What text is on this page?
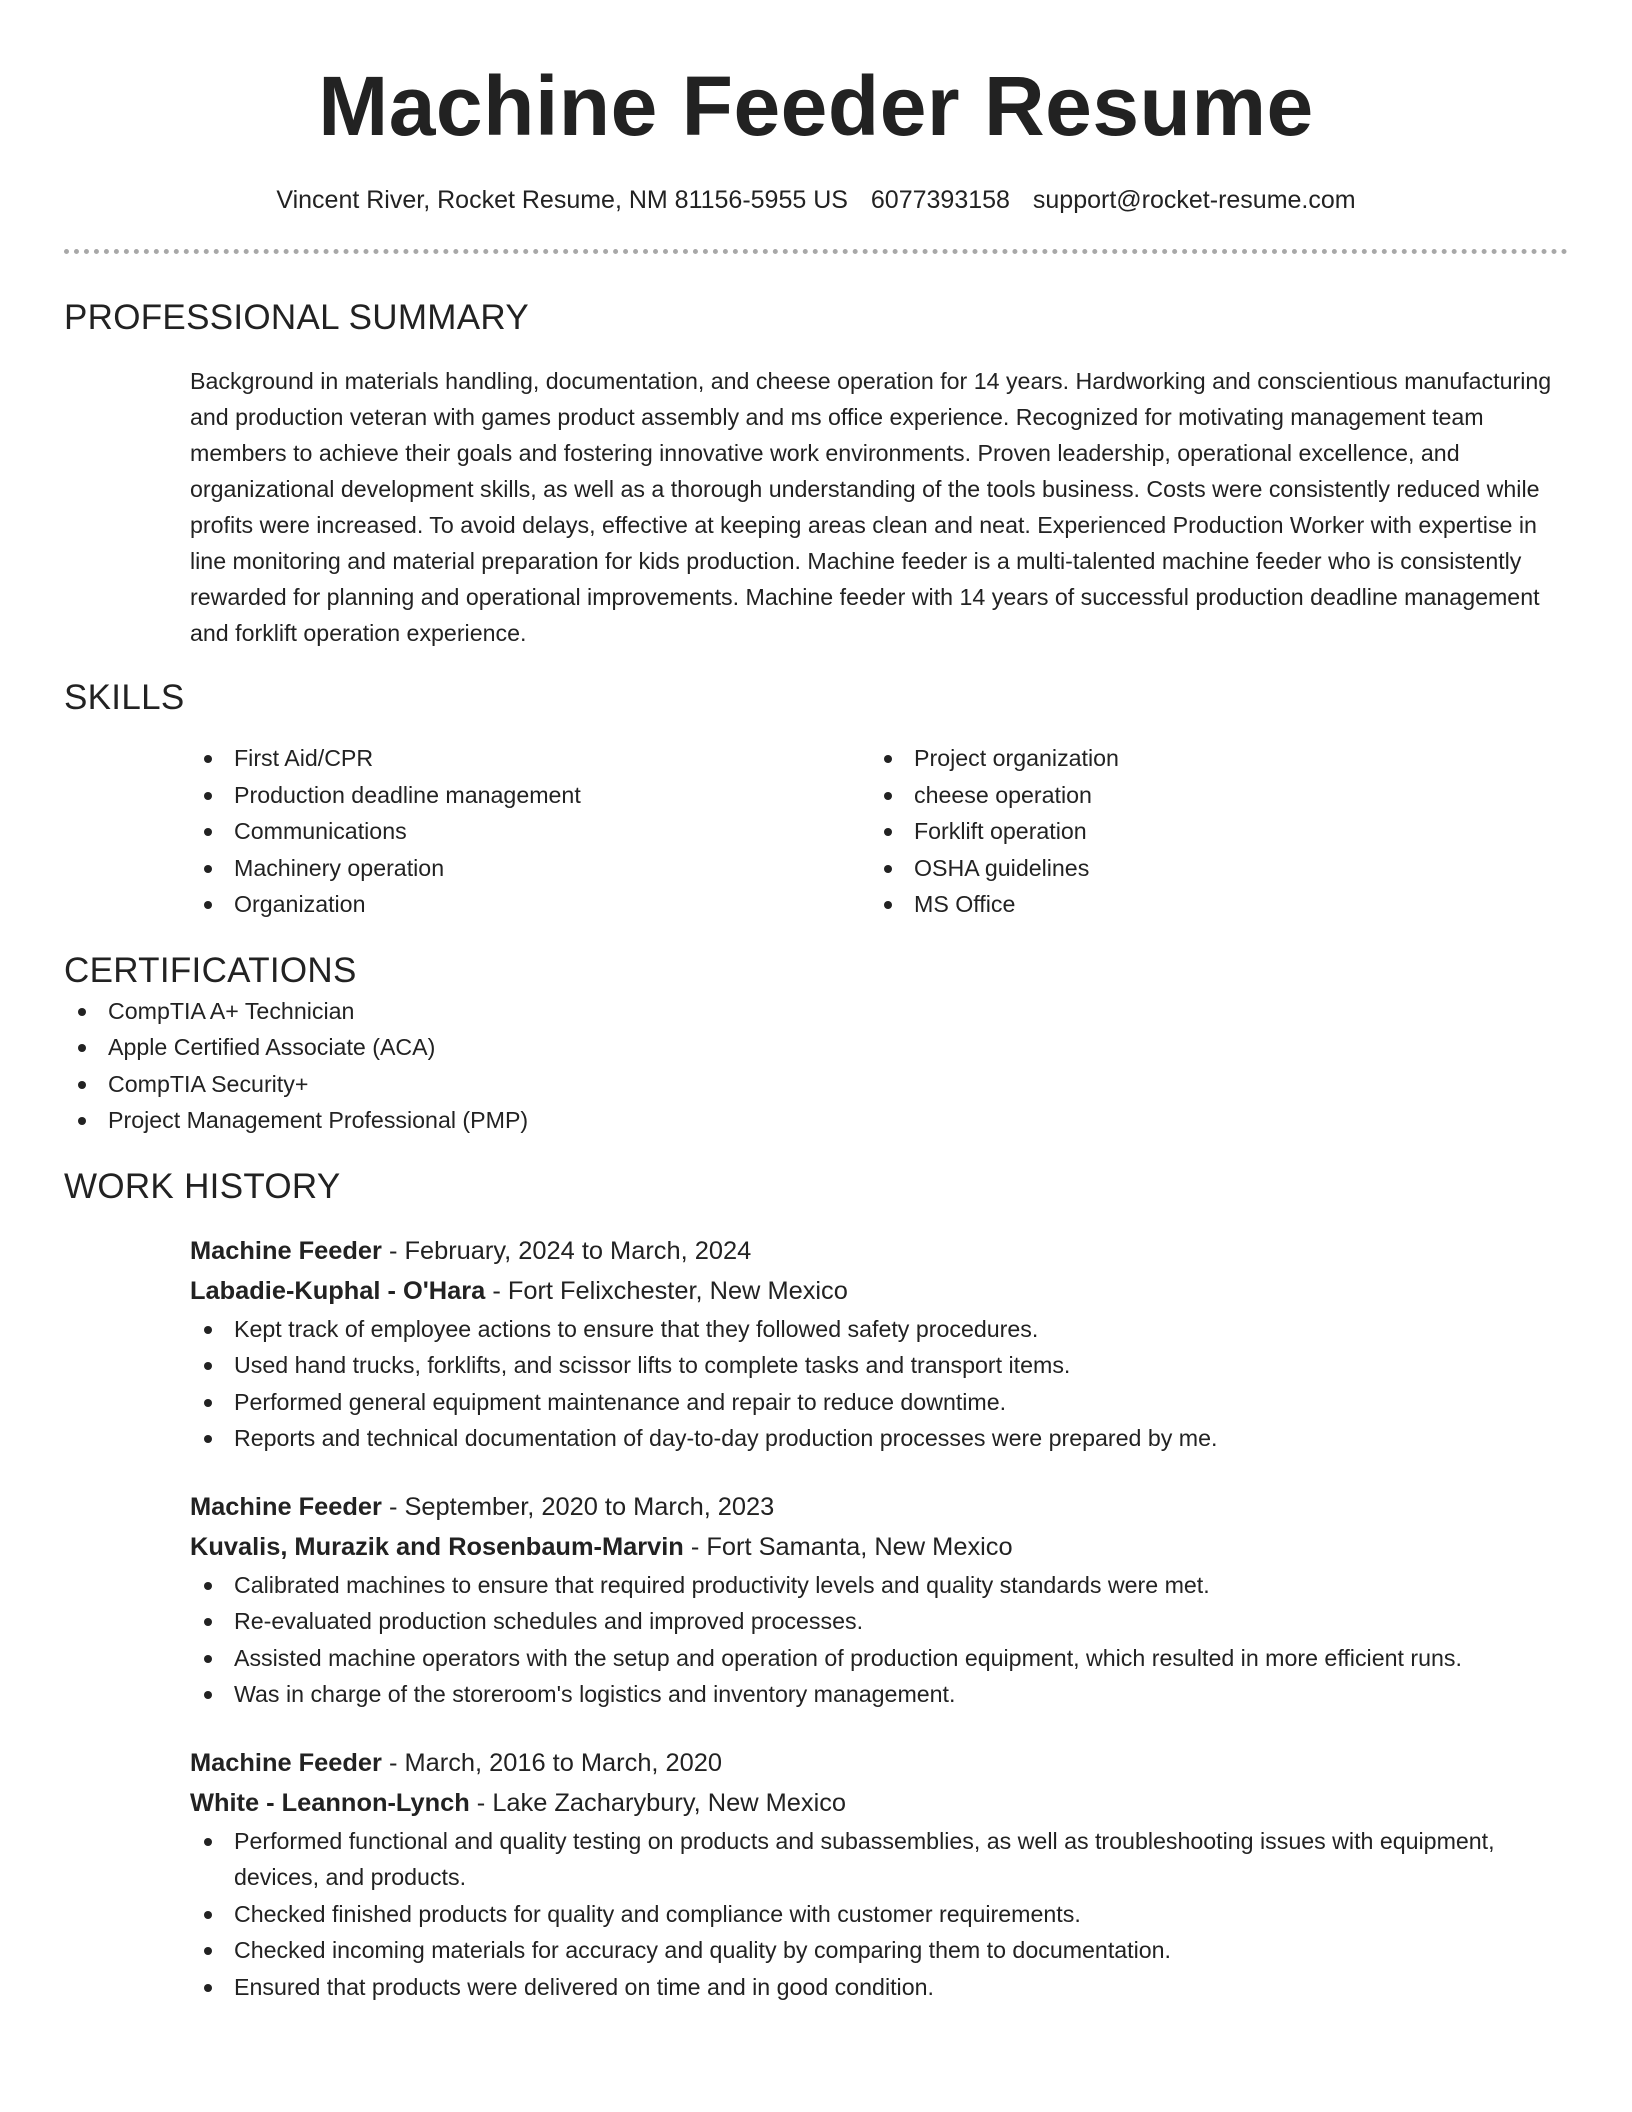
Machine Feeder Resume
Vincent River, Rocket Resume, NM 81156-5955 US 6077393158 support@rocket-resume.com
PROFESSIONAL SUMMARY

Background in materials handling, documentation, and cheese operation for 14 years. Hardworking and conscientious manufacturing and production veteran with games product assembly and ms office experience. Recognized for motivating management team members to achieve their goals and fostering innovative work environments. Proven leadership, operational excellence, and organizational development skills, as well as a thorough understanding of the tools business. Costs were consistently reduced while profits were increased. To avoid delays, effective at keeping areas clean and neat. Experienced Production Worker with expertise in line monitoring and material preparation for kids production. Machine feeder is a multi-talented machine feeder who is consistently rewarded for planning and operational improvements. Machine feeder with 14 years of successful production deadline management and forklift operation experience.

SKILLS
First Aid/CPR
Production deadline management
Communications
Machinery operation
Organization
Project organization
cheese operation
Forklift operation
OSHA guidelines
MS Office
CERTIFICATIONS
CompTIA A+ Technician
Apple Certified Associate (ACA)
CompTIA Security+
Project Management Professional (PMP)
WORK HISTORY
Machine Feeder - February, 2024 to March, 2024
Labadie-Kuphal - O'Hara - Fort Felixchester, New Mexico
Kept track of employee actions to ensure that they followed safety procedures.
Used hand trucks, forklifts, and scissor lifts to complete tasks and transport items.
Performed general equipment maintenance and repair to reduce downtime.
Reports and technical documentation of day-to-day production processes were prepared by me.
Machine Feeder - September, 2020 to March, 2023
Kuvalis, Murazik and Rosenbaum-Marvin - Fort Samanta, New Mexico
Calibrated machines to ensure that required productivity levels and quality standards were met.
Re-evaluated production schedules and improved processes.
Assisted machine operators with the setup and operation of production equipment, which resulted in more efficient runs.
Was in charge of the storeroom's logistics and inventory management.
Machine Feeder - March, 2016 to March, 2020
White - Leannon-Lynch - Lake Zacharybury, New Mexico
Performed functional and quality testing on products and subassemblies, as well as troubleshooting issues with equipment, devices, and products.
Checked finished products for quality and compliance with customer requirements.
Checked incoming materials for accuracy and quality by comparing them to documentation.
Ensured that products were delivered on time and in good condition.
